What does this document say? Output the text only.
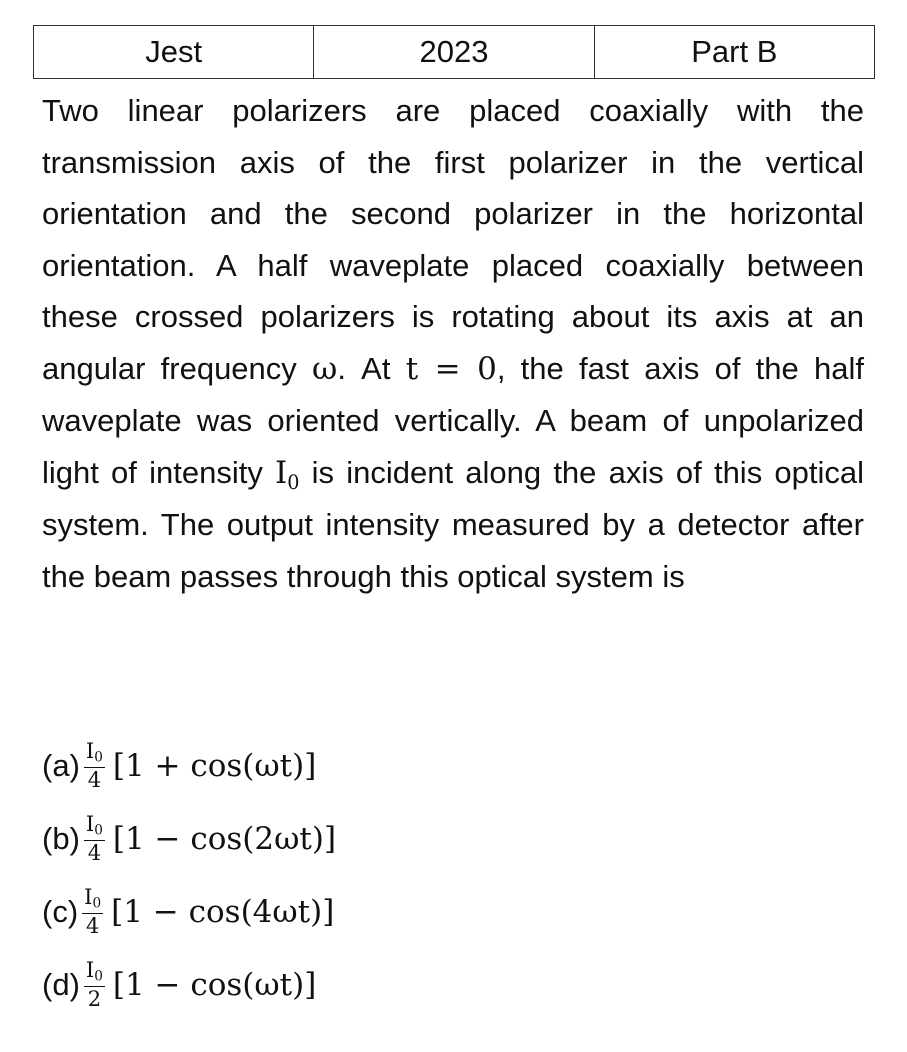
Jest	2023	Part B

Two linear polarizers are placed coaxially with the transmission axis of the first polarizer in the vertical orientation and the second polarizer in the horizontal orientation. A half waveplate placed coaxially between these crossed polarizers is rotating about its axis at an angular frequency ω. At t = 0, the fast axis of the half waveplate was oriented vertically. A beam of unpolarized light of intensity $I_0$ is incident along the axis of this optical system. The output intensity measured by a detector after the beam passes through this optical system is

$(a) \frac{I0}{4} [1 + \cos(\omega t)]$
$(b) \frac{I0}{4} [1 - \cos(2\omega t)]$
$(c) \frac{I0}{4} [1 - \cos(4\omega t)]$
$(d) \frac{I0}{2} [1 - \cos(\omega t)]$
